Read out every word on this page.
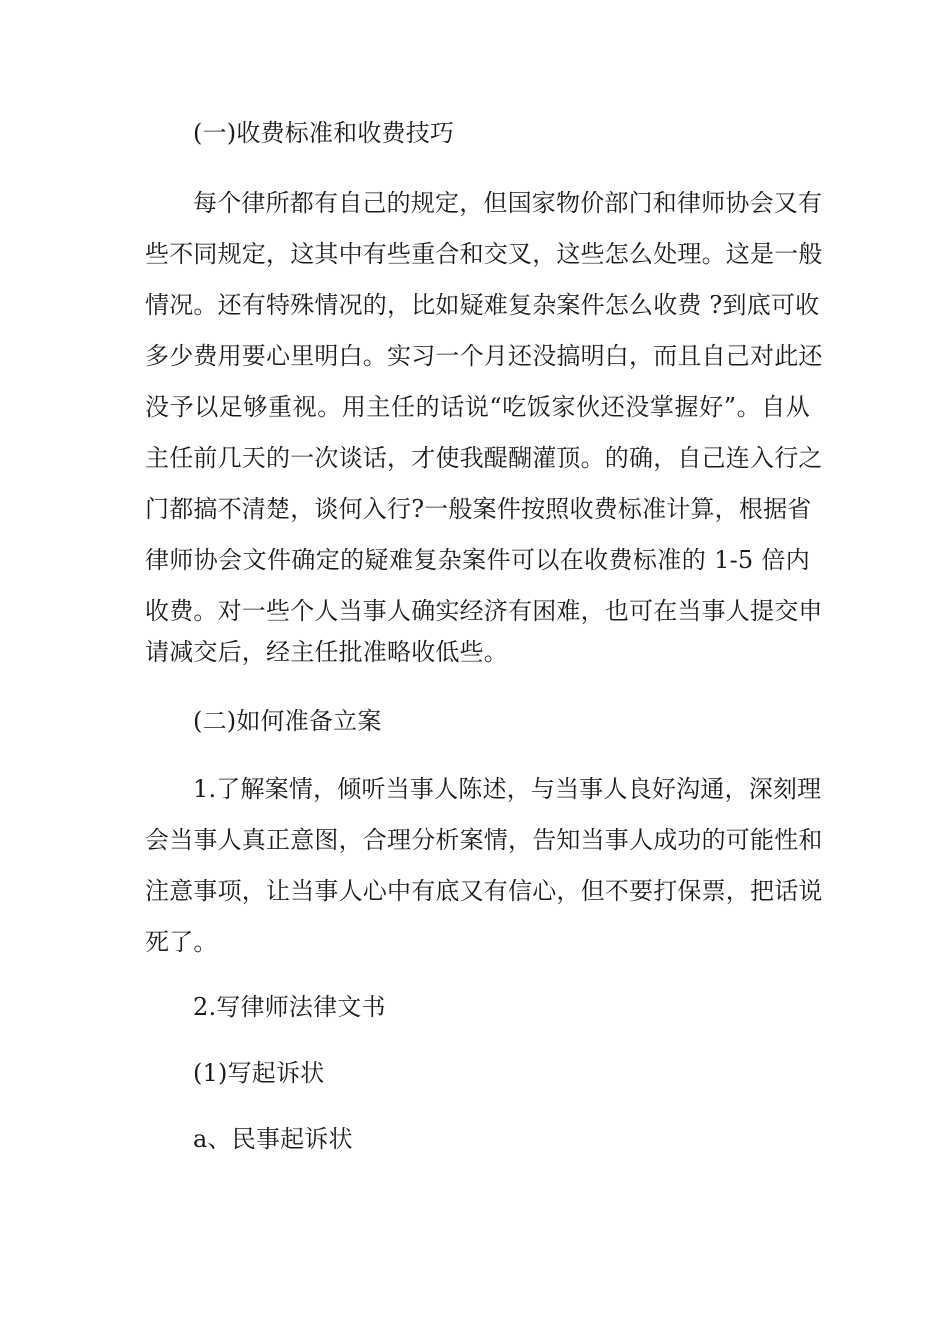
(一)收费标准和收费技巧
每个律所都有自己的规定，但国家物价部门和律师协会又有
些不同规定，这其中有些重合和交叉，这些怎么处理。这是一般
情况。还有特殊情况的，比如疑难复杂案件怎么收费 ?到底可收
多少费用要心里明白。实习一个月还没搞明白，而且自己对此还
没予以足够重视。用主任的话说“吃饭家伙还没掌握好”。自从
主任前几天的一次谈话，才使我醍醐灌顶。的确，自己连入行之
门都搞不清楚，谈何入行?一般案件按照收费标准计算，根据省
律师协会文件确定的疑难复杂案件可以在收费标准的 1-5 倍内
收费。对一些个人当事人确实经济有困难，也可在当事人提交申
请减交后，经主任批准略收低些。
(二)如何准备立案
1.了解案情，倾听当事人陈述，与当事人良好沟通，深刻理
会当事人真正意图，合理分析案情，告知当事人成功的可能性和
注意事项，让当事人心中有底又有信心，但不要打保票，把话说
死了。
2.写律师法律文书
(1)写起诉状
a、民事起诉状
